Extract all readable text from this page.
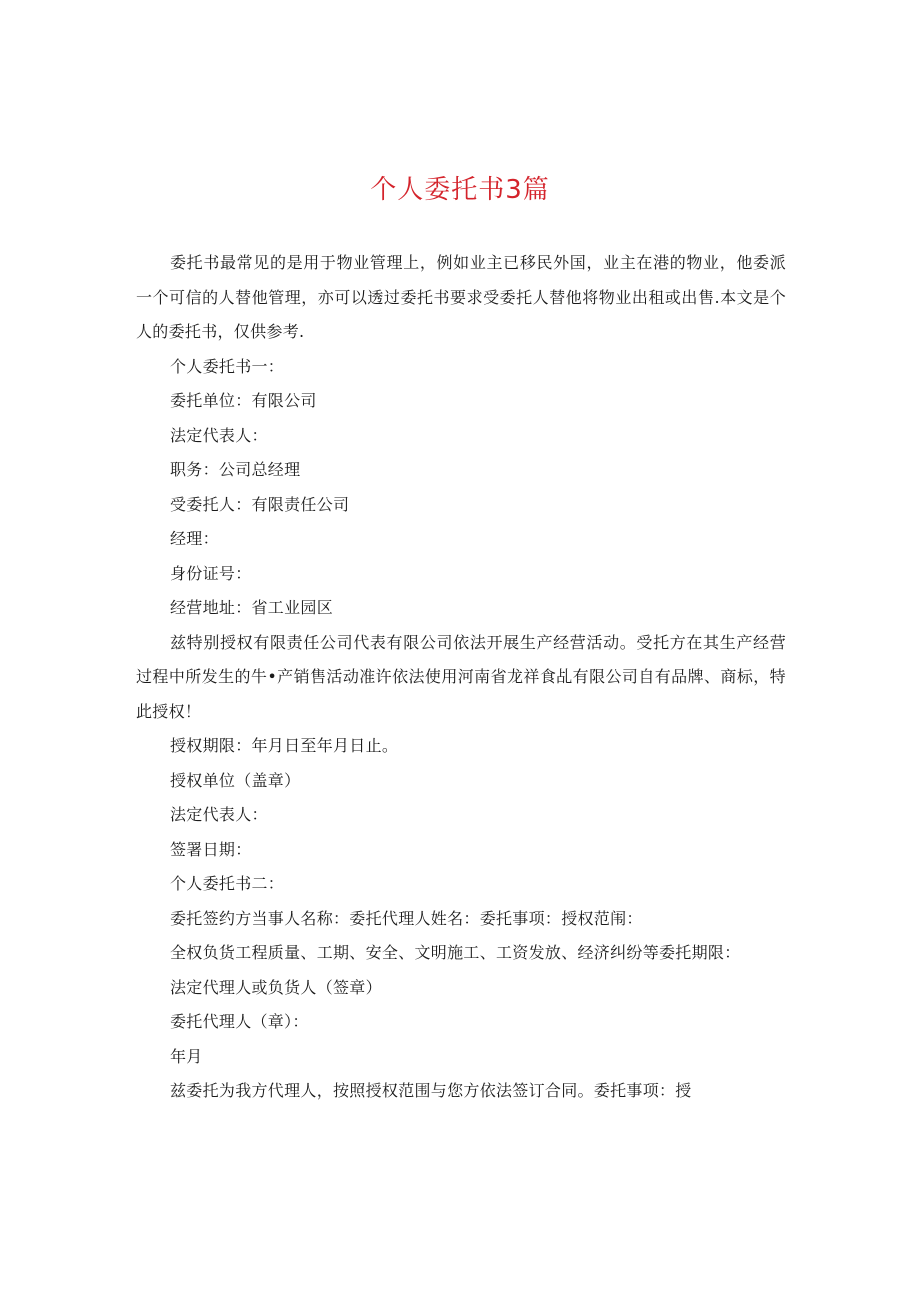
个人委托书3篇

委托书最常见的是用于物业管理上，例如业主已移民外国，业主在港的物业，他委派一个可信的人替他管理，亦可以透过委托书要求受委托人替他将物业出租或出售.本文是个人的委托书，仅供参考.

个人委托书一：

委托单位：有限公司

法定代表人：

职务：公司总经理

受委托人：有限责任公司

经理：

身份证号：

经营地址：省工业园区

兹特别授权有限责任公司代表有限公司依法开展生产经营活动。受托方在其生产经营过程中所发生的牛•产销售活动准许依法使用河南省龙祥食乩有限公司自有品牌、商标，特此授权！

授权期限：年月日至年月日止。

授权单位（盖章）

法定代表人：

签署日期：

个人委托书二：

委托签约方当事人名称：委托代理人姓名：委托事项：授权范闱：

全权负货工程质量、工期、安全、文明施工、工资发放、经济纠纷等委托期限：

法定代理人或负货人（签章）

委托代理人（章）：

年月

兹委托为我方代理人，按照授权范围与您方依法签订合同。委托事项：授
